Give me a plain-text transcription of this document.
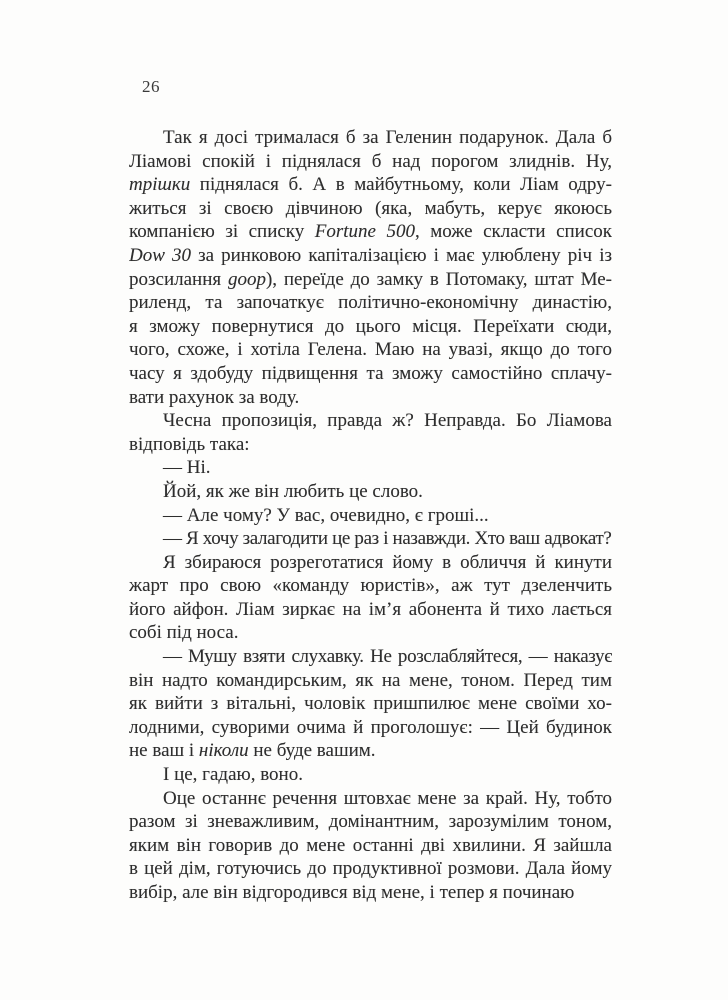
26
Так я досі трималася б за Геленин подарунок. Дала б
Ліамові спокій і піднялася б над порогом злиднів. Ну,
трішки піднялася б. А в майбутньому, коли Ліам одру-
житься зі своєю дівчиною (яка, мабуть, керує якоюсь
компанією зі списку Fortune 500, може скласти список
Dow 30 за ринковою капіталізацією і має улюблену річ із
розсилання goop), переїде до замку в Потомаку, штат Ме-
риленд, та започаткує політично-економічну династію,
я зможу повернутися до цього місця. Переїхати сюди,
чого, схоже, і хотіла Гелена. Маю на увазі, якщо до того
часу я здобуду підвищення та зможу самостійно сплачу-
вати рахунок за воду.
Чесна пропозиція, правда ж? Неправда. Бо Ліамова
відповідь така:
— Ні.
Йой, як же він любить це слово.
— Але чому? У вас, очевидно, є гроші...
— Я хочу залагодити це раз і назавжди. Хто ваш адвокат?
Я збираюся розреготатися йому в обличчя й кинути
жарт про свою «команду юристів», аж тут дзеленчить
його айфон. Ліам зиркає на ім’я абонента й тихо лається
собі під носа.
— Мушу взяти слухавку. Не розслабляйтеся, — наказує
він надто командирським, як на мене, тоном. Перед тим
як вийти з вітальні, чоловік пришпилює мене своїми хо-
лодними, суворими очима й проголошує: — Цей будинок
не ваш і ніколи не буде вашим.
І це, гадаю, воно.
Оце останнє речення штовхає мене за край. Ну, тобто
разом зі зневажливим, домінантним, зарозумілим тоном,
яким він говорив до мене останні дві хвилини. Я зайшла
в цей дім, готуючись до продуктивної розмови. Дала йому
вибір, але він відгородився від мене, і тепер я починаю
